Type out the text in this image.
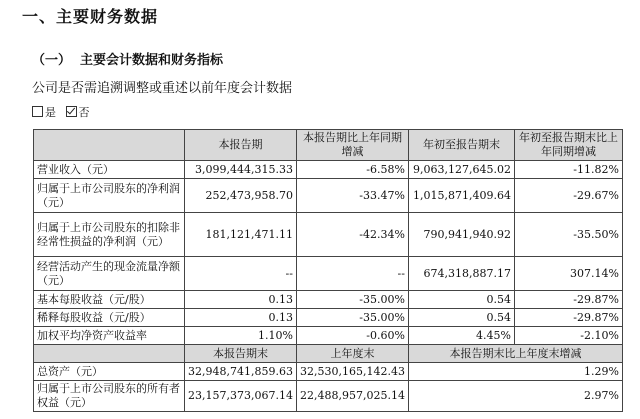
一、主要财务数据
（一） 主要会计数据和财务指标
公司是否需追溯调整或重述以前年度会计数据
是 否
	本报告期	本报告期比上年同期增减	年初至报告期末	年初至报告期末比上年同期增减
营业收入（元）	3,099,444,315.33	-6.58%	9,063,127,645.02	-11.82%
归属于上市公司股东的净利润（元）	252,473,958.70	-33.47%	1,015,871,409.64	-29.67%
归属于上市公司股东的扣除非经常性损益的净利润（元）	181,121,471.11	-42.34%	790,941,940.92	-35.50%
经营活动产生的现金流量净额（元）	--	--	674,318,887.17	307.14%
基本每股收益（元/股）	0.13	-35.00%	0.54	-29.87%
稀释每股收益（元/股）	0.13	-35.00%	0.54	-29.87%
加权平均净资产收益率	1.10%	-0.60%	4.45%	-2.10%
	本报告期末	上年度末	本报告期末比上年度末增减	
总资产（元）	32,948,741,859.63	32,530,165,142.43	1.29%	
归属于上市公司股东的所有者权益（元）	23,157,373,067.14	22,488,957,025.14	2.97%	
